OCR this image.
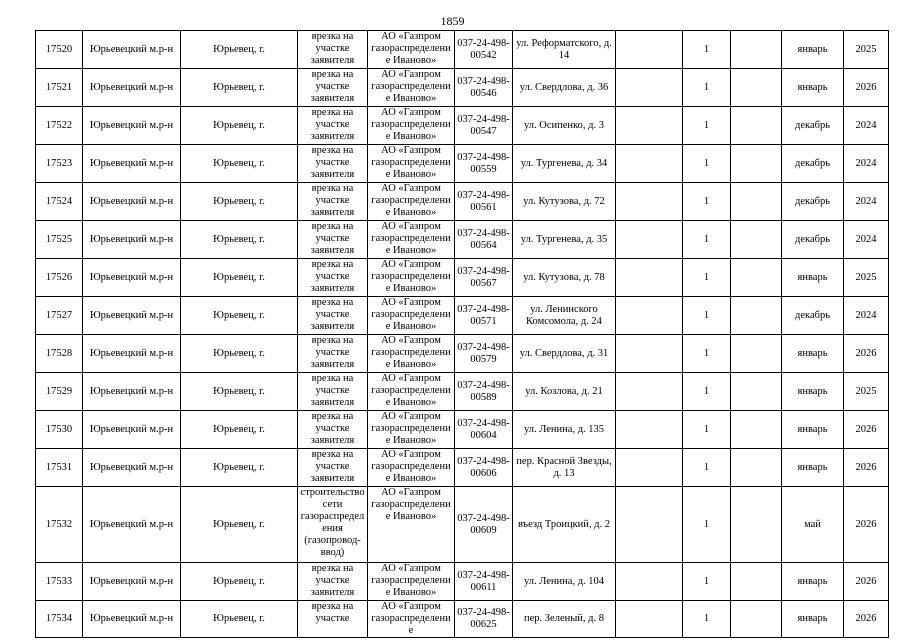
1859
17520	Юрьевецкий м.р-н	Юрьевец, г.	врезка на участке заявителя	АО «Газпром газораспределение Иваново»	037-24-498-00542	ул. Реформатского, д. 14		1		январь	2025
17521	Юрьевецкий м.р-н	Юрьевец, г.	врезка на участке заявителя	АО «Газпром газораспределение Иваново»	037-24-498-00546	ул. Свердлова, д. 36		1		январь	2026
17522	Юрьевецкий м.р-н	Юрьевец, г.	врезка на участке заявителя	АО «Газпром газораспределение Иваново»	037-24-498-00547	ул. Осипенко, д. 3		1		декабрь	2024
17523	Юрьевецкий м.р-н	Юрьевец, г.	врезка на участке заявителя	АО «Газпром газораспределение Иваново»	037-24-498-00559	ул. Тургенева, д. 34		1		декабрь	2024
17524	Юрьевецкий м.р-н	Юрьевец, г.	врезка на участке заявителя	АО «Газпром газораспределение Иваново»	037-24-498-00561	ул. Кутузова, д. 72		1		декабрь	2024
17525	Юрьевецкий м.р-н	Юрьевец, г.	врезка на участке заявителя	АО «Газпром газораспределение Иваново»	037-24-498-00564	ул. Тургенева, д. 35		1		декабрь	2024
17526	Юрьевецкий м.р-н	Юрьевец, г.	врезка на участке заявителя	АО «Газпром газораспределение Иваново»	037-24-498-00567	ул. Кутузова, д. 78		1		январь	2025
17527	Юрьевецкий м.р-н	Юрьевец, г.	врезка на участке заявителя	АО «Газпром газораспределение Иваново»	037-24-498-00571	ул. Ленинского Комсомола, д. 24		1		декабрь	2024
17528	Юрьевецкий м.р-н	Юрьевец, г.	врезка на участке заявителя	АО «Газпром газораспределение Иваново»	037-24-498-00579	ул. Свердлова, д. 31		1		январь	2026
17529	Юрьевецкий м.р-н	Юрьевец, г.	врезка на участке заявителя	АО «Газпром газораспределение Иваново»	037-24-498-00589	ул. Козлова, д. 21		1		январь	2025
17530	Юрьевецкий м.р-н	Юрьевец, г.	врезка на участке заявителя	АО «Газпром газораспределение Иваново»	037-24-498-00604	ул. Ленина, д. 135		1		январь	2026
17531	Юрьевецкий м.р-н	Юрьевец, г.	врезка на участке заявителя	АО «Газпром газораспределение Иваново»	037-24-498-00606	пер. Красной Звезды, д. 13		1		январь	2026
17532	Юрьевецкий м.р-н	Юрьевец, г.	строительство сети газораспределения (газопровод-ввод)	АО «Газпром газораспределение Иваново»	037-24-498-00609	въезд Троицкий, д. 2		1		май	2026
17533	Юрьевецкий м.р-н	Юрьевец, г.	врезка на участке заявителя	АО «Газпром газораспределение Иваново»	037-24-498-00611	ул. Ленина, д. 104		1		январь	2026
17534	Юрьевецкий м.р-н	Юрьевец, г.	врезка на участке	АО «Газпром газораспределение	037-24-498-00625	пер. Зеленый, д. 8		1		январь	2026
